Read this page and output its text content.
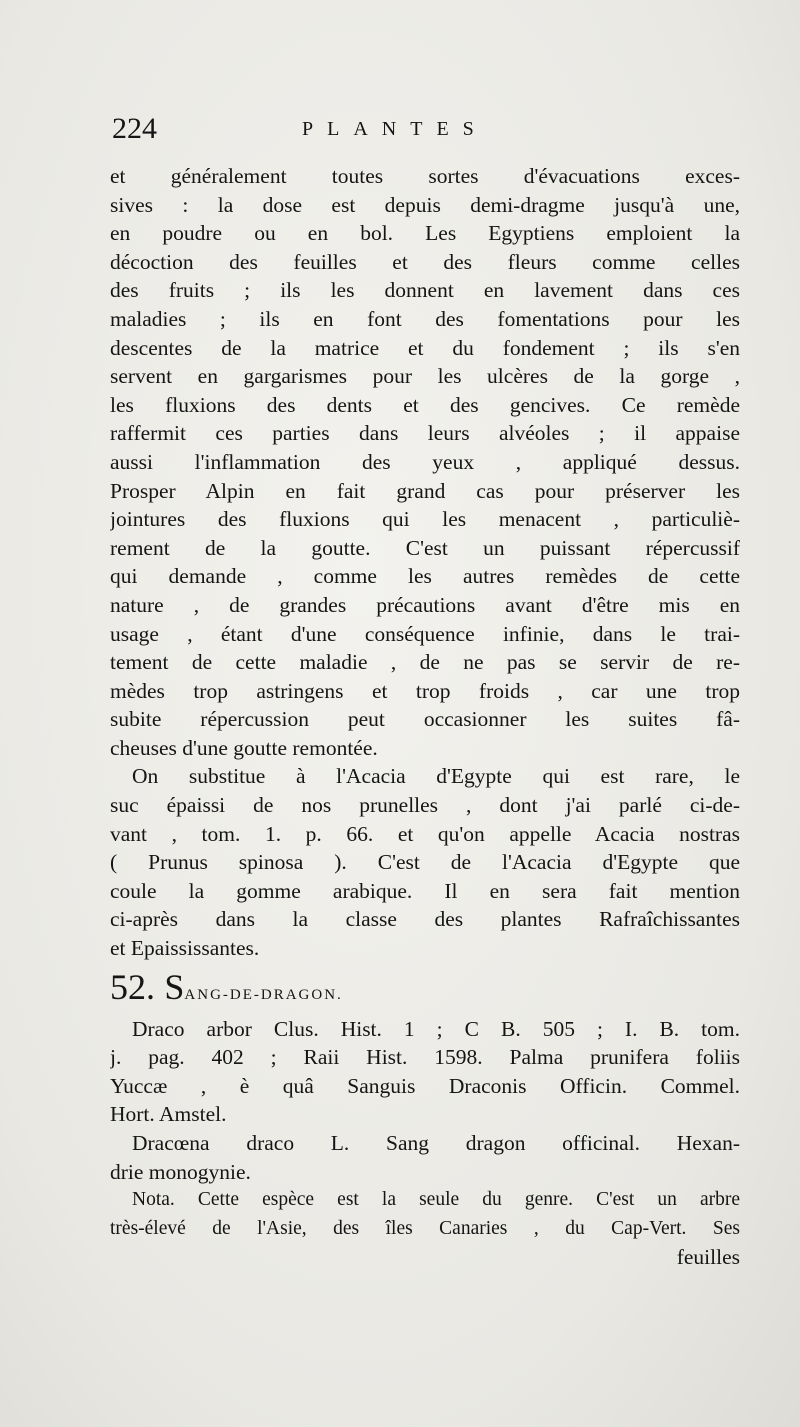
224	PLANTES
et généralement toutes sortes d'évacuations exces-
sives : la dose est depuis demi-dragme jusqu'à une,
en poudre ou en bol. Les Egyptiens emploient la
décoction des feuilles et des fleurs comme celles
des fruits ; ils les donnent en lavement dans ces
maladies ; ils en font des fomentations pour les
descentes de la matrice et du fondement ; ils s'en
servent en gargarismes pour les ulcères de la gorge ,
les fluxions des dents et des gencives. Ce remède
raffermit ces parties dans leurs alvéoles ; il appaise
aussi l'inflammation des yeux , appliqué dessus.
Prosper Alpin en fait grand cas pour préserver les
jointures des fluxions qui les menacent , particuliè-
rement de la goutte. C'est un puissant répercussif
qui demande , comme les autres remèdes de cette
nature , de grandes précautions avant d'être mis en
usage , étant d'une conséquence infinie, dans le trai-
tement de cette maladie , de ne pas se servir de re-
mèdes trop astringens et trop froids , car une trop
subite répercussion peut occasionner les suites fâ-
cheuses d'une goutte remontée.
On substitue à l'Acacia d'Egypte qui est rare, le
suc épaissi de nos prunelles , dont j'ai parlé ci-de-
vant , tom. 1. p. 66. et qu'on appelle Acacia nostras
( Prunus spinosa ). C'est de l'Acacia d'Egypte que
coule la gomme arabique. Il en sera fait mention
ci-après dans la classe des plantes Rafraîchissantes
et Epaississantes.
52. SANG-DE-DRAGON.
Draco arbor Clus. Hist. 1 ; C B. 505 ; I. B. tom.
j. pag. 402 ; Raii Hist. 1598. Palma prunifera foliis
Yuccæ , è quâ Sanguis Draconis Officin. Commel.
Hort. Amstel.
Dracœna draco L. Sang dragon officinal. Hexan-
drie monogynie.
Nota. Cette espèce est la seule du genre. C'est un arbre
très-élevé de l'Asie, des îles Canaries , du Cap-Vert. Ses
feuilles
